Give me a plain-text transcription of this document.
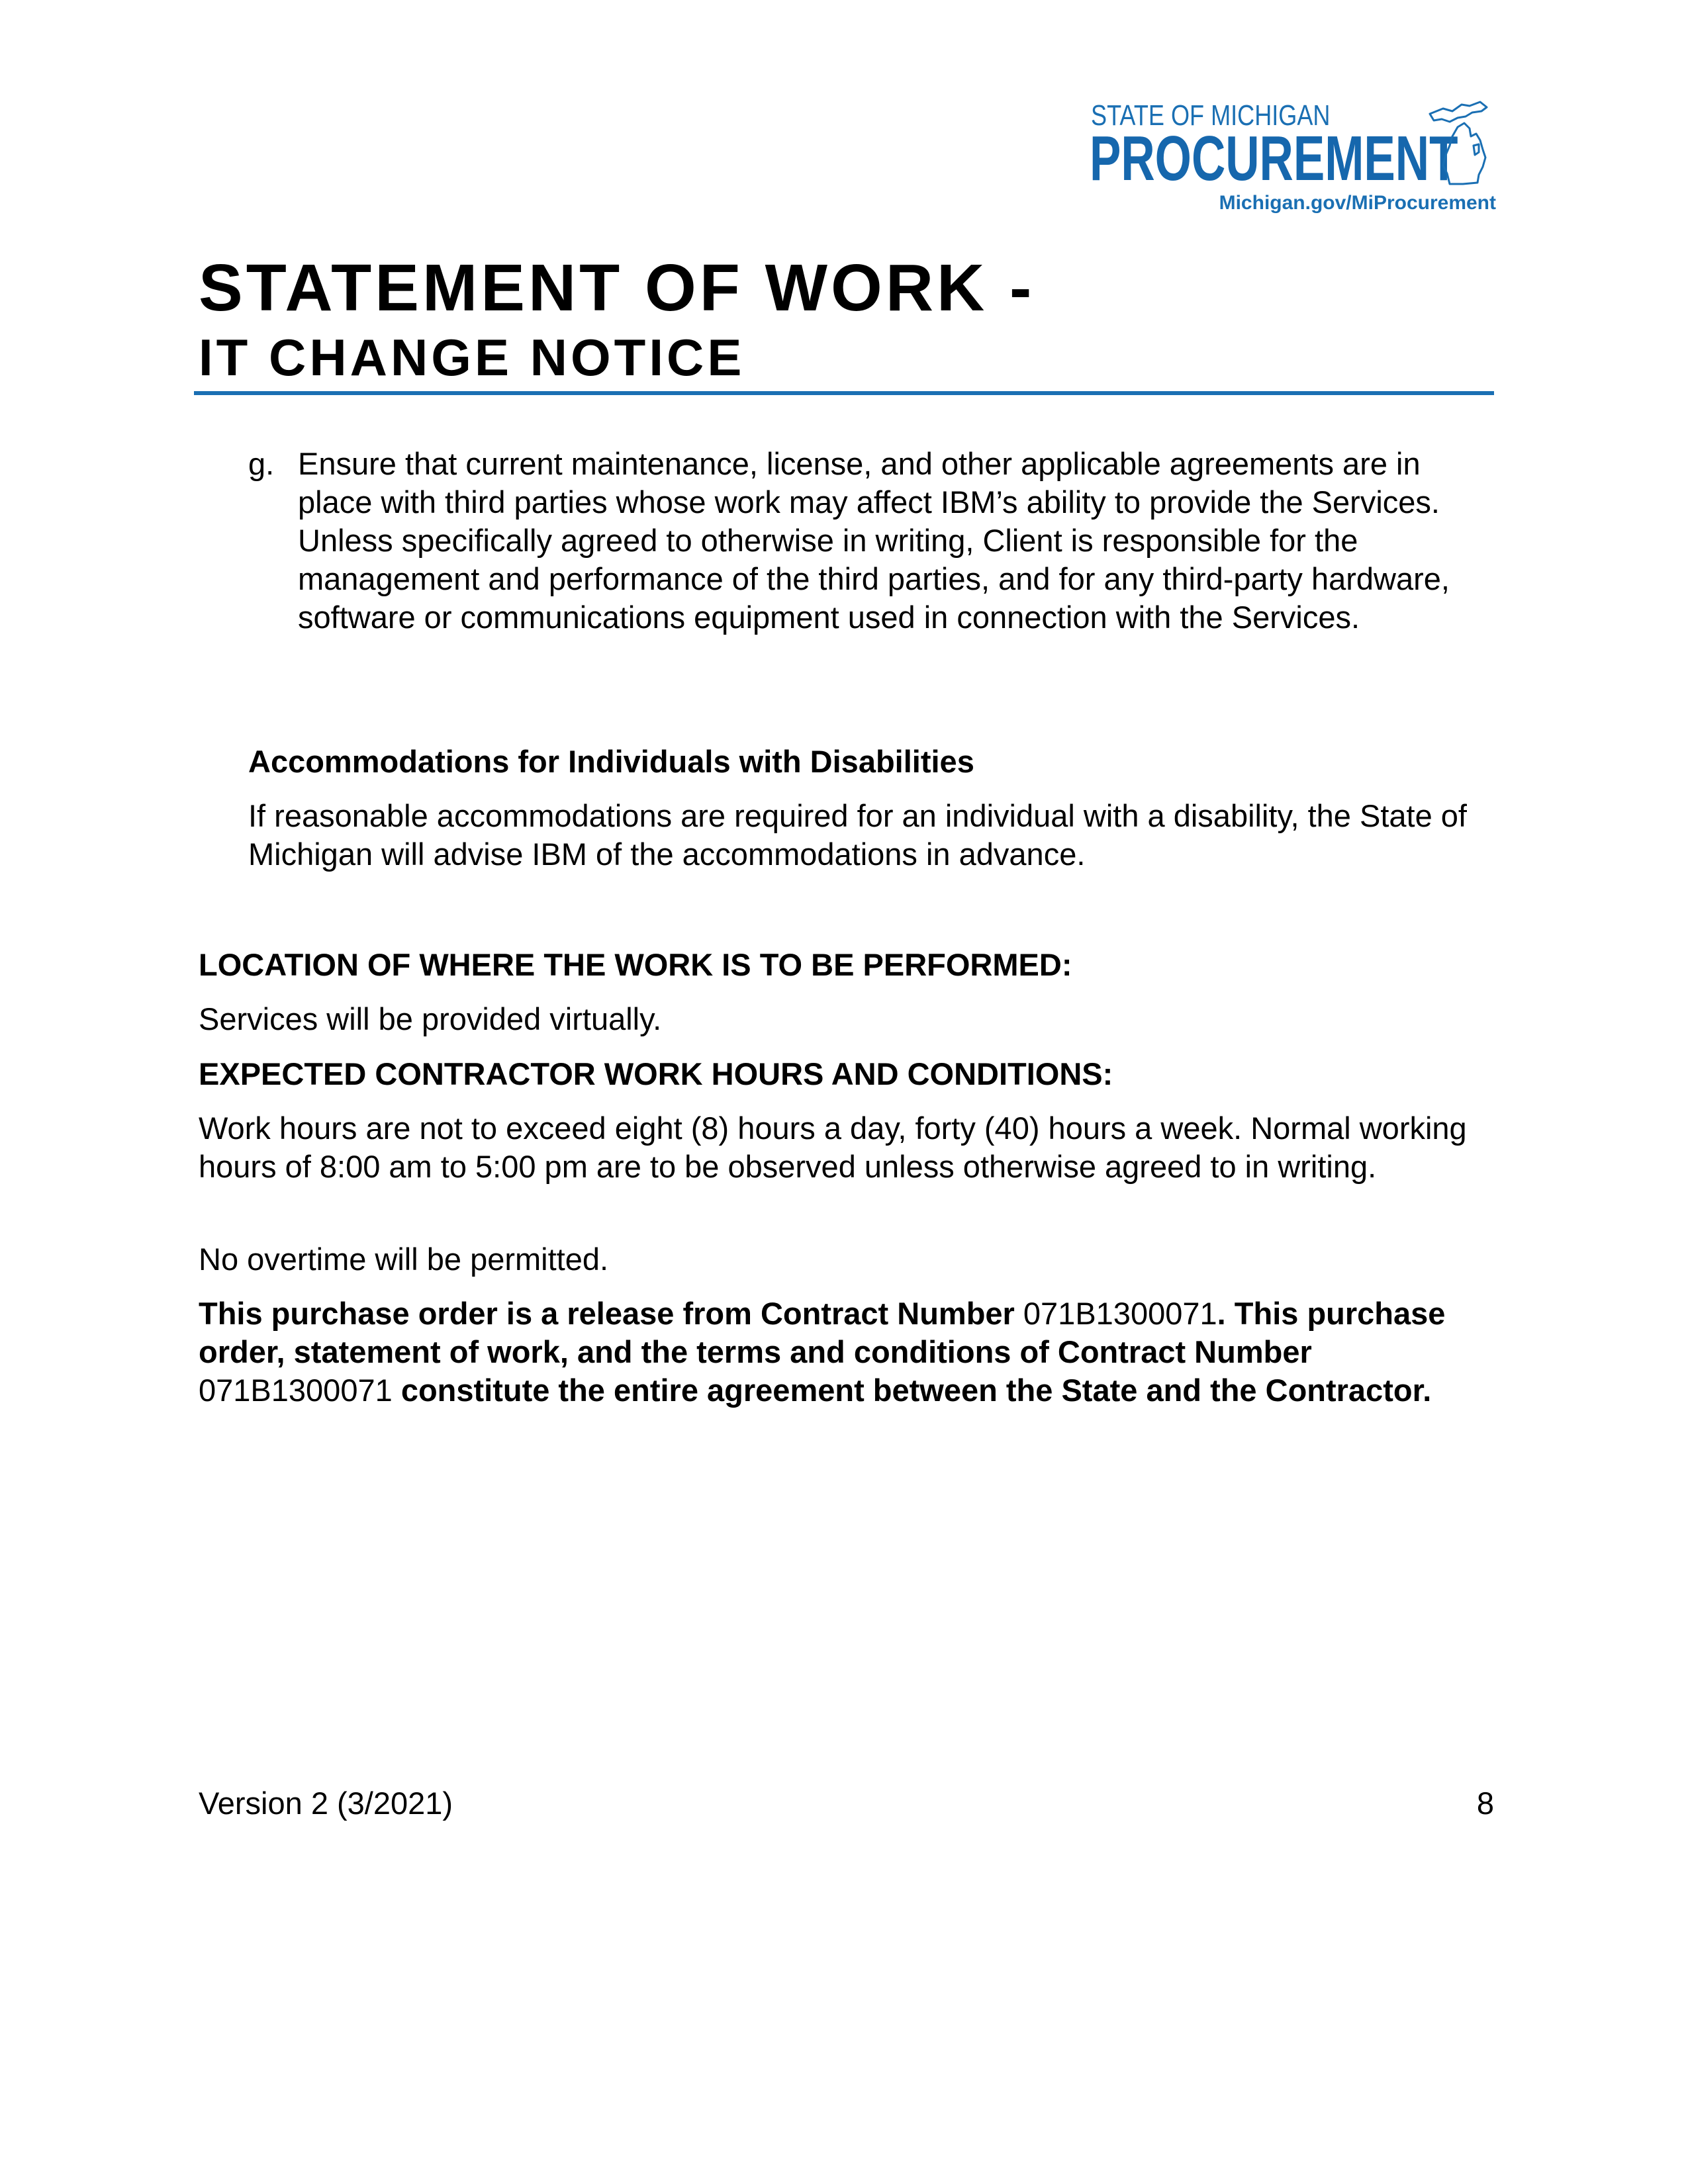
STATE OF MICHIGAN
PROCUREMENT
Michigan.gov/MiProcurement
STATEMENT OF WORK -
IT CHANGE NOTICE
g. Ensure that current maintenance, license, and other applicable agreements are in place with third parties whose work may affect IBM’s ability to provide the Services. Unless specifically agreed to otherwise in writing, Client is responsible for the management and performance of the third parties, and for any third-party hardware, software or communications equipment used in connection with the Services.

Accommodations for Individuals with Disabilities

If reasonable accommodations are required for an individual with a disability, the State of Michigan will advise IBM of the accommodations in advance.

LOCATION OF WHERE THE WORK IS TO BE PERFORMED:

Services will be provided virtually.

EXPECTED CONTRACTOR WORK HOURS AND CONDITIONS:

Work hours are not to exceed eight (8) hours a day, forty (40) hours a week. Normal working hours of 8:00 am to 5:00 pm are to be observed unless otherwise agreed to in writing.

No overtime will be permitted.

This purchase order is a release from Contract Number 071B1300071. This purchase order, statement of work, and the terms and conditions of Contract Number 071B1300071 constitute the entire agreement between the State and the Contractor.

Version 2 (3/2021)	8
